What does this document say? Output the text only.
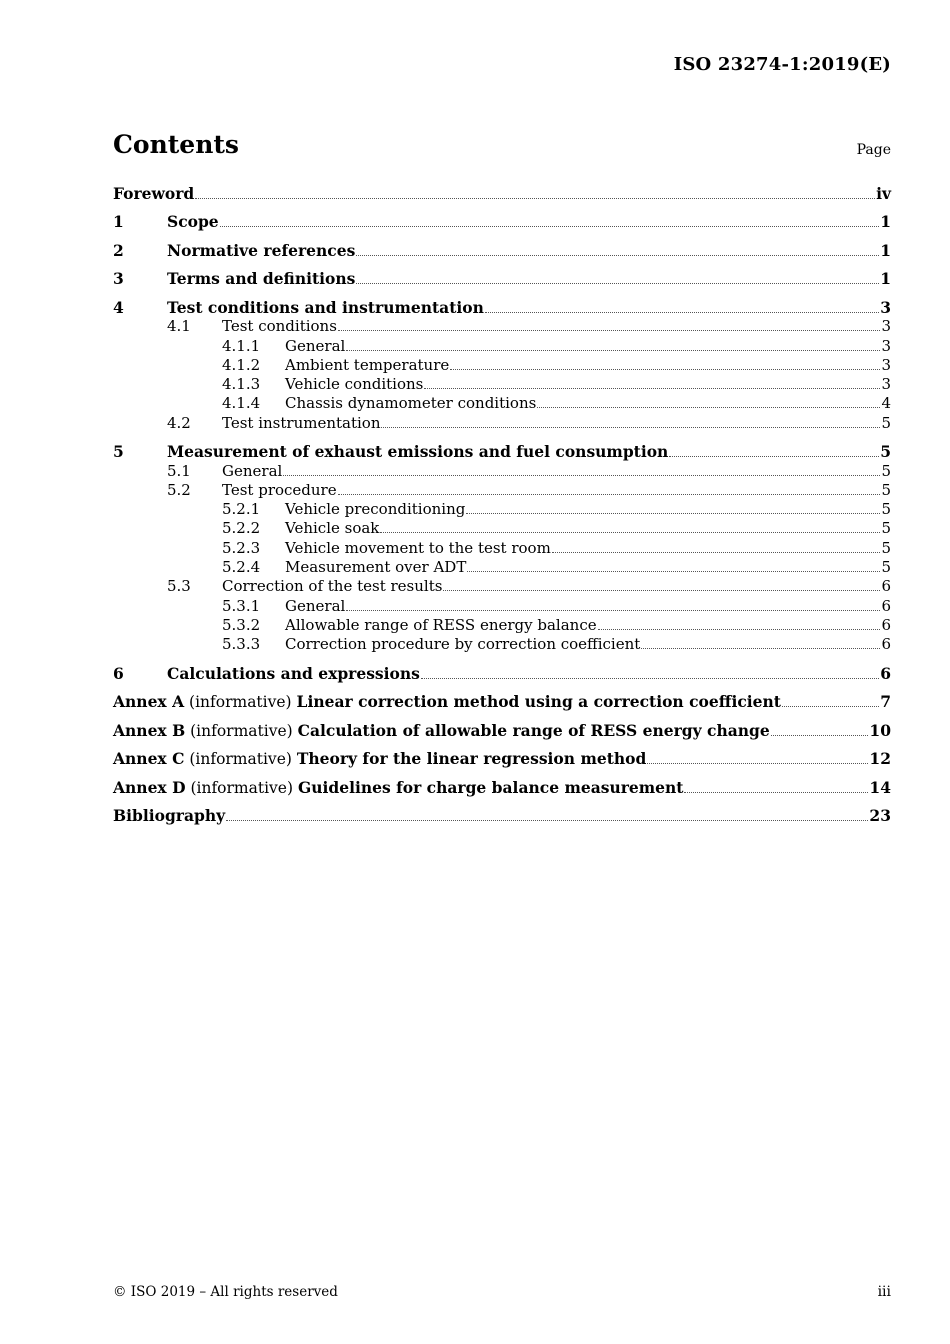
ISO 23274-1:2019(E)
Contents	Page
Foreword	iv
1	Scope	1
2	Normative references	1
3	Terms and definitions	1
4	Test conditions and instrumentation	3
4.1	Test conditions	3
4.1.1	General	3
4.1.2	Ambient temperature	3
4.1.3	Vehicle conditions	3
4.1.4	Chassis dynamometer conditions	4
4.2	Test instrumentation	5
5	Measurement of exhaust emissions and fuel consumption	5
5.1	General	5
5.2	Test procedure	5
5.2.1	Vehicle preconditioning	5
5.2.2	Vehicle soak	5
5.2.3	Vehicle movement to the test room	5
5.2.4	Measurement over ADT	5
5.3	Correction of the test results	6
5.3.1	General	6
5.3.2	Allowable range of RESS energy balance	6
5.3.3	Correction procedure by correction coefficient	6
6	Calculations and expressions	6
Annex A (informative) Linear correction method using a correction coefficient	7
Annex B (informative) Calculation of allowable range of RESS energy change	10
Annex C (informative) Theory for the linear regression method	12
Annex D (informative) Guidelines for charge balance measurement	14
Bibliography	23
© ISO 2019 – All rights reserved	iii
